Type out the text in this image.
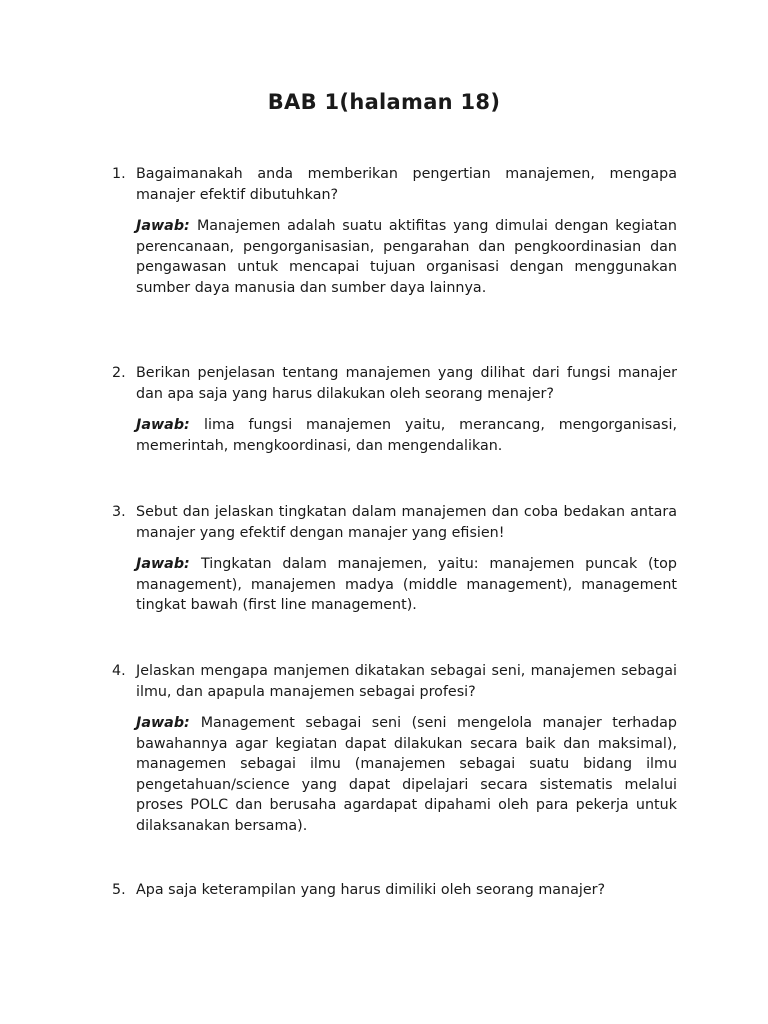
BAB 1(halaman 18)
1. Bagaimanakah anda memberikan pengertian manajemen, mengapa manajer efektif dibutuhkan?

Jawab: Manajemen adalah suatu aktifitas yang dimulai dengan kegiatan perencanaan, pengorganisasian, pengarahan dan pengkoordinasian dan pengawasan untuk mencapai tujuan organisasi dengan menggunakan sumber daya manusia dan sumber daya lainnya.
2. Berikan penjelasan tentang manajemen yang dilihat dari fungsi manajer dan apa saja yang harus dilakukan oleh seorang menajer?

Jawab: lima fungsi manajemen yaitu, merancang, mengorganisasi, memerintah, mengkoordinasi, dan mengendalikan.
3. Sebut dan jelaskan tingkatan dalam manajemen dan coba bedakan antara manajer yang efektif dengan manajer yang efisien!

Jawab: Tingkatan dalam manajemen, yaitu: manajemen puncak (top management), manajemen madya (middle management), management tingkat bawah (first line management).
4. Jelaskan mengapa manjemen dikatakan sebagai seni, manajemen sebagai ilmu, dan apapula manajemen sebagai profesi?

Jawab: Management sebagai seni (seni mengelola manajer terhadap bawahannya agar kegiatan dapat dilakukan secara baik dan maksimal), managemen sebagai ilmu (manajemen sebagai suatu bidang ilmu pengetahuan/science yang dapat dipelajari secara sistematis melalui proses POLC dan berusaha agardapat dipahami oleh para pekerja untuk dilaksanakan bersama).
5. Apa saja keterampilan yang harus dimiliki oleh seorang manajer?
